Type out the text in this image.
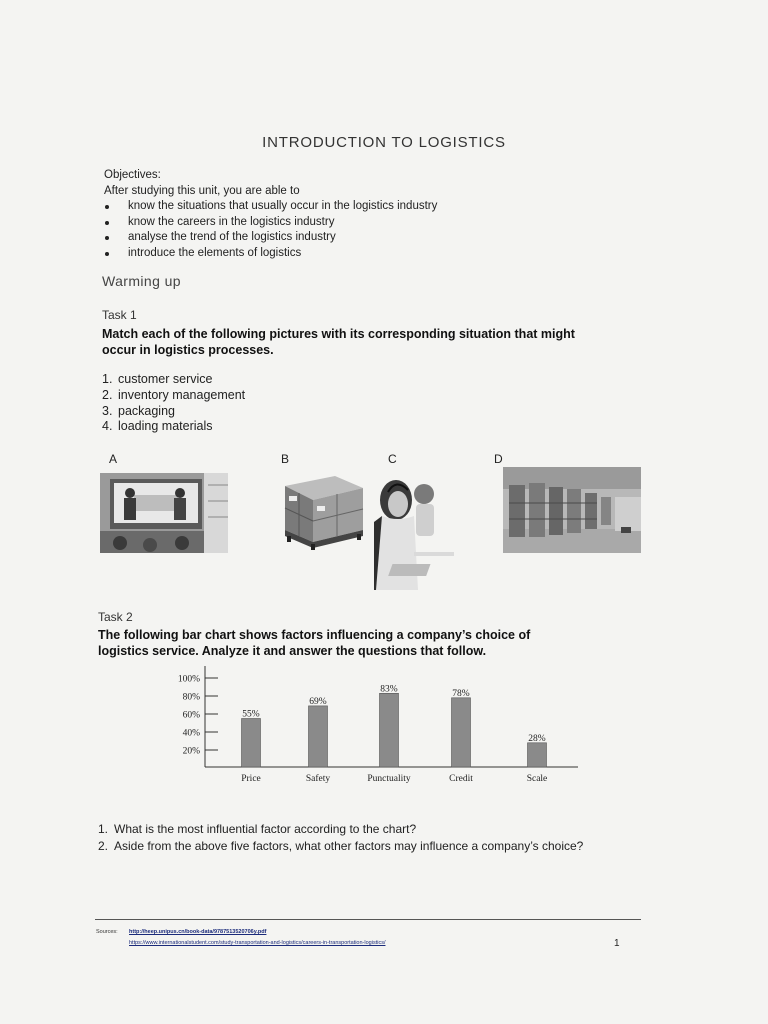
INTRODUCTION TO LOGISTICS
Objectives:
After studying this unit, you are able to
know the situations that usually occur in the logistics industry
know the careers in the logistics industry
analyse the trend of the logistics industry
introduce the elements of logistics
Warming up
Task 1
Match each of the following pictures with its corresponding situation that might occur in logistics processes.
1. customer service
2. inventory management
3. packaging
4. loading materials
A	B	C	D
Task 2
The following bar chart shows factors influencing a company’s choice of logistics service. Analyze it and answer the questions that follow.
100%
80%
60%
40%
20%
55%
69%
83%	78%
28%
Price	Safety	Punctuality	Credit	Scale
1. What is the most influential factor according to the chart?
2. Aside from the above five factors, what other factors may influence a company’s choice?
Sources: http://heep.unipus.cn/book-data/9787513520706y.pdf
https://www.internationalstudent.com/study-transportation-and-logistics/careers-in-transportation-logistics/	1
